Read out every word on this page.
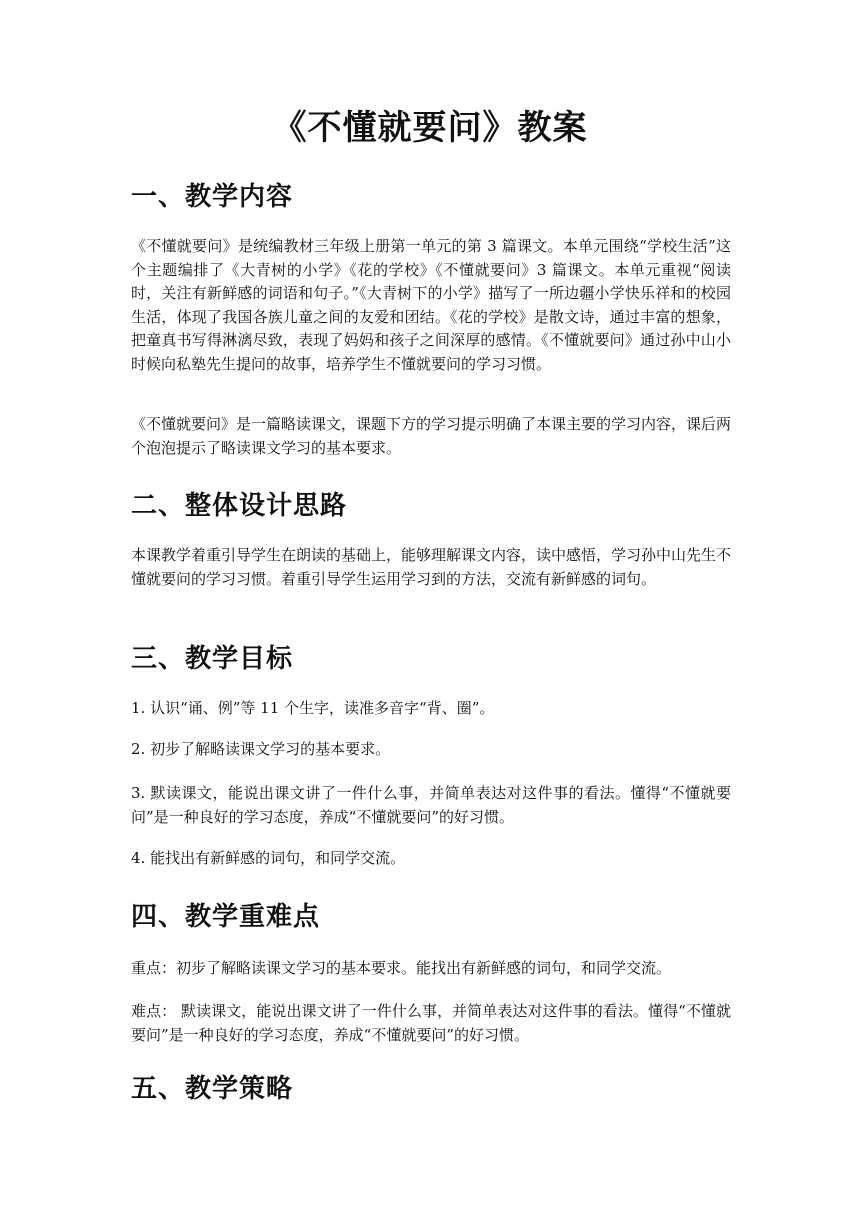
《不懂就要问》教案
一、教学内容
《不懂就要问》是统编教材三年级上册第一单元的第 3 篇课文。本单元围绕“学校生活”这个主题编排了《大青树的小学》《花的学校》《不懂就要问》3 篇课文。本单元重视“阅读时，关注有新鲜感的词语和句子。”《大青树下的小学》描写了一所边疆小学快乐祥和的校园生活，体现了我国各族儿童之间的友爱和团结。《花的学校》是散文诗，通过丰富的想象，把童真书写得淋漓尽致，表现了妈妈和孩子之间深厚的感情。《不懂就要问》通过孙中山小时候向私塾先生提问的故事，培养学生不懂就要问的学习习惯。
《不懂就要问》是一篇略读课文，课题下方的学习提示明确了本课主要的学习内容，课后两个泡泡提示了略读课文学习的基本要求。
二、整体设计思路
本课教学着重引导学生在朗读的基础上，能够理解课文内容，读中感悟，学习孙中山先生不懂就要问的学习习惯。着重引导学生运用学习到的方法，交流有新鲜感的词句。
三、教学目标
1. 认识“诵、例”等 11 个生字，读准多音字“背、圈”。
2. 初步了解略读课文学习的基本要求。
3. 默读课文，能说出课文讲了一件什么事，并简单表达对这件事的看法。懂得“不懂就要问”是一种良好的学习态度，养成“不懂就要问”的好习惯。
4. 能找出有新鲜感的词句，和同学交流。
四、教学重难点
重点：初步了解略读课文学习的基本要求。能找出有新鲜感的词句，和同学交流。
难点： 默读课文，能说出课文讲了一件什么事，并简单表达对这件事的看法。懂得“不懂就要问”是一种良好的学习态度，养成“不懂就要问”的好习惯。
五、教学策略
